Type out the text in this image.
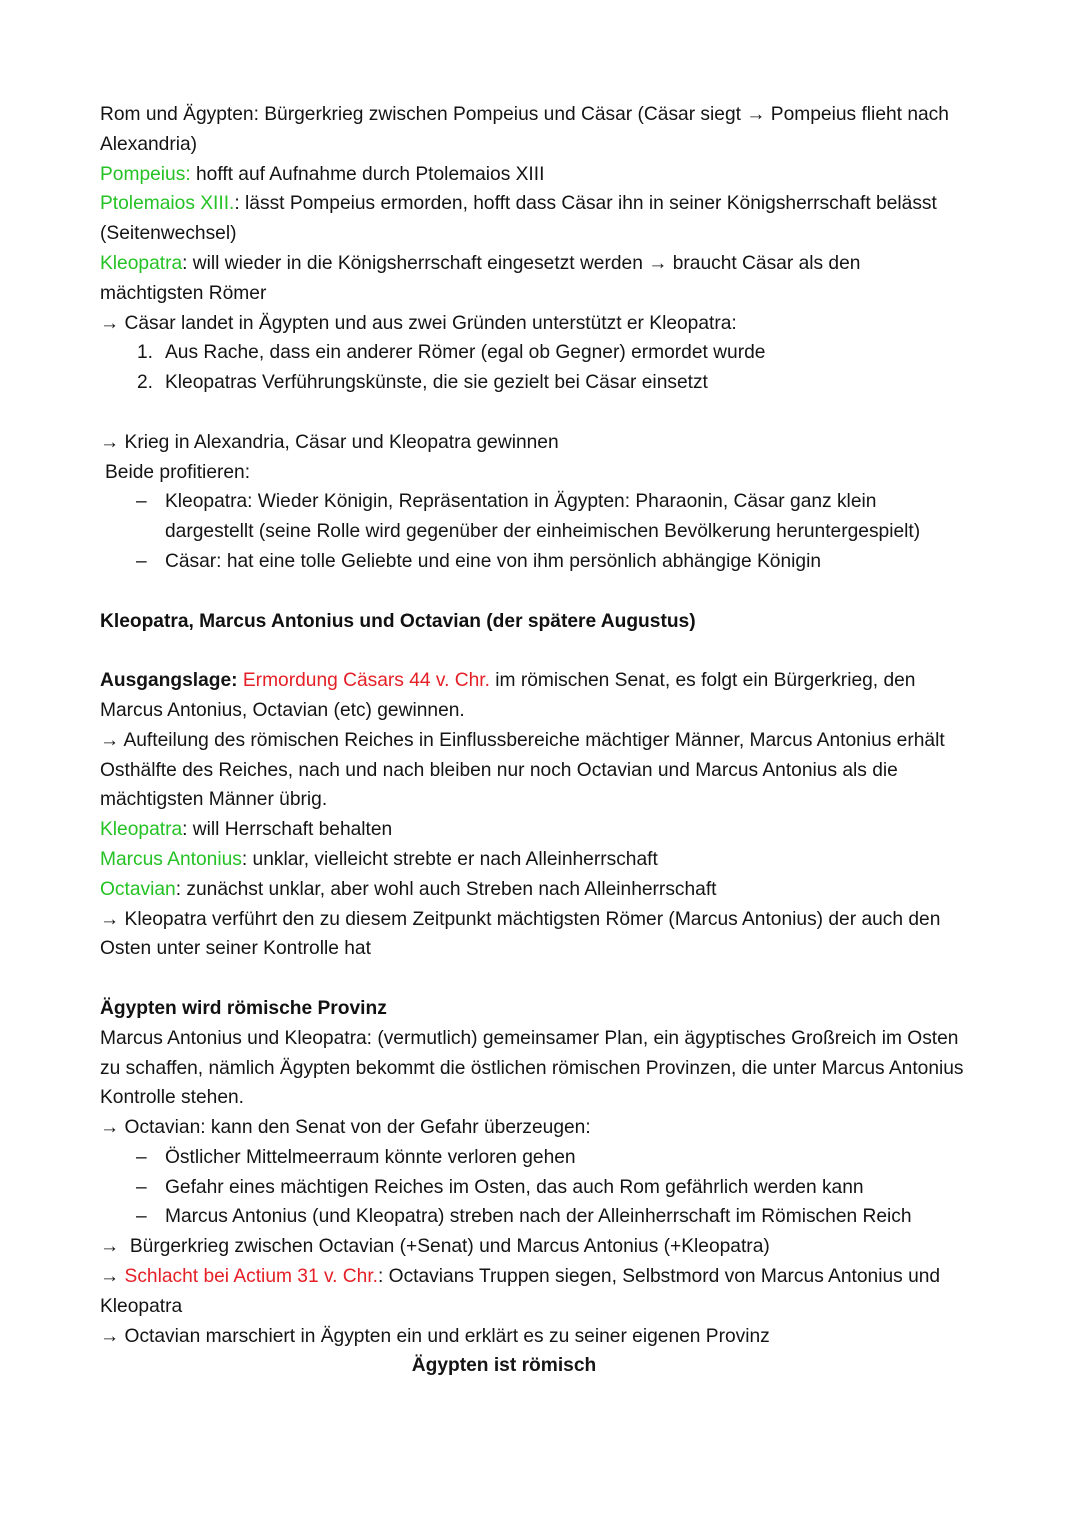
Rom und Ägypten: Bürgerkrieg zwischen Pompeius und Cäsar (Cäsar siegt → Pompeius flieht nach Alexandria)

Pompeius: hofft auf Aufnahme durch Ptolemaios XIII

Ptolemaios XIII.: lässt Pompeius ermorden, hofft dass Cäsar ihn in seiner Königsherrschaft belässt (Seitenwechsel)

Kleopatra: will wieder in die Königsherrschaft eingesetzt werden → braucht Cäsar als den mächtigsten Römer

→ Cäsar landet in Ägypten und aus zwei Gründen unterstützt er Kleopatra:

1. Aus Rache, dass ein anderer Römer (egal ob Gegner) ermordet wurde
2. Kleopatras Verführungskünste, die sie gezielt bei Cäsar einsetzt

→ Krieg in Alexandria, Cäsar und Kleopatra gewinnen

Beide profitieren:

– Kleopatra: Wieder Königin, Repräsentation in Ägypten: Pharaonin, Cäsar ganz klein dargestellt (seine Rolle wird gegenüber der einheimischen Bevölkerung heruntergespielt)
– Cäsar: hat eine tolle Geliebte und eine von ihm persönlich abhängige Königin

Kleopatra, Marcus Antonius und Octavian (der spätere Augustus)

Ausgangslage: Ermordung Cäsars 44 v. Chr. im römischen Senat, es folgt ein Bürgerkrieg, den Marcus Antonius, Octavian (etc) gewinnen.

→ Aufteilung des römischen Reiches in Einflussbereiche mächtiger Männer, Marcus Antonius erhält Osthälfte des Reiches, nach und nach bleiben nur noch Octavian und Marcus Antonius als die mächtigsten Männer übrig.

Kleopatra: will Herrschaft behalten

Marcus Antonius: unklar, vielleicht strebte er nach Alleinherrschaft

Octavian: zunächst unklar, aber wohl auch Streben nach Alleinherrschaft

→ Kleopatra verführt den zu diesem Zeitpunkt mächtigsten Römer (Marcus Antonius) der auch den Osten unter seiner Kontrolle hat

Ägypten wird römische Provinz

Marcus Antonius und Kleopatra: (vermutlich) gemeinsamer Plan, ein ägyptisches Großreich im Osten zu schaffen, nämlich Ägypten bekommt die östlichen römischen Provinzen, die unter Marcus Antonius Kontrolle stehen.

→ Octavian: kann den Senat von der Gefahr überzeugen:

– Östlicher Mittelmeerraum könnte verloren gehen
– Gefahr eines mächtigen Reiches im Osten, das auch Rom gefährlich werden kann
– Marcus Antonius (und Kleopatra) streben nach der Alleinherrschaft im Römischen Reich

→  Bürgerkrieg zwischen Octavian (+Senat) und Marcus Antonius (+Kleopatra)

→ Schlacht bei Actium 31 v. Chr.: Octavians Truppen siegen, Selbstmord von Marcus Antonius und Kleopatra

→ Octavian marschiert in Ägypten ein und erklärt es zu seiner eigenen Provinz

Ägypten ist römisch
